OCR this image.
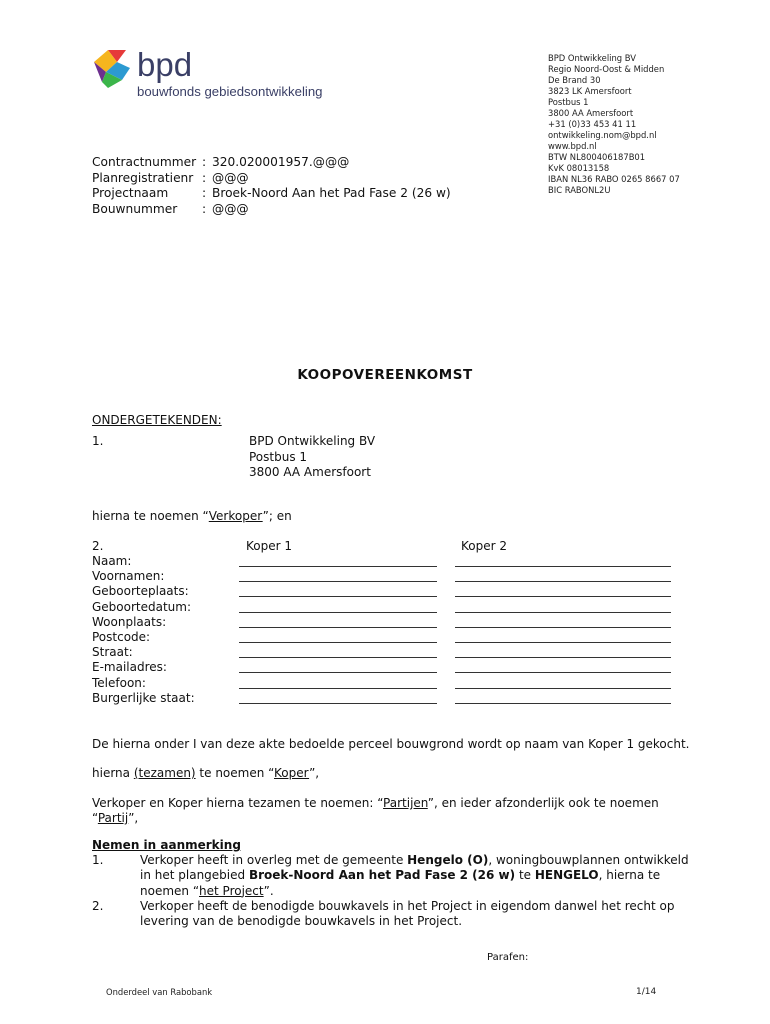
bpd
bouwfonds gebiedsontwikkeling
BPD Ontwikkeling BV
Regio Noord-Oost & Midden
De Brand 30
3823 LK Amersfoort
Postbus 1
3800 AA Amersfoort
+31 (0)33 453 41 11
ontwikkeling.nom@bpd.nl
www.bpd.nl
BTW NL800406187B01
KvK 08013158
IBAN NL36 RABO 0265 8667 07
BIC RABONL2U
Contractnummer : 320.020001957.@@@
Planregistratienr : @@@
Projectnaam	: Broek-Noord Aan het Pad Fase 2 (26 w)
Bouwnummer	: @@@
KOOPOVEREENKOMST
ONDERGETEKENDEN:
1.	BPD Ontwikkeling BV
Postbus 1
3800 AA Amersfoort
hierna te noemen “Verkoper”; en
2.	Koper 1	Koper 2
Naam:
Voornamen:
Geboorteplaats:
Geboortedatum:
Woonplaats:
Postcode:
Straat:
E-mailadres:
Telefoon:
Burgerlijke staat:
De hierna onder I van deze akte bedoelde perceel bouwgrond wordt op naam van Koper 1 gekocht.
hierna (tezamen) te noemen “Koper”,
Verkoper en Koper hierna tezamen te noemen: “Partijen”, en ieder afzonderlijk ook te noemen
“Partij”,
Nemen in aanmerking
1.	Verkoper heeft in overleg met de gemeente Hengelo (O), woningbouwplannen ontwikkeld in het plangebied Broek-Noord Aan het Pad Fase 2 (26 w) te HENGELO, hierna te noemen “het Project”.
2.	Verkoper heeft de benodigde bouwkavels in het Project in eigendom danwel het recht op levering van de benodigde bouwkavels in het Project.
Parafen:
Onderdeel van Rabobank	1/14
